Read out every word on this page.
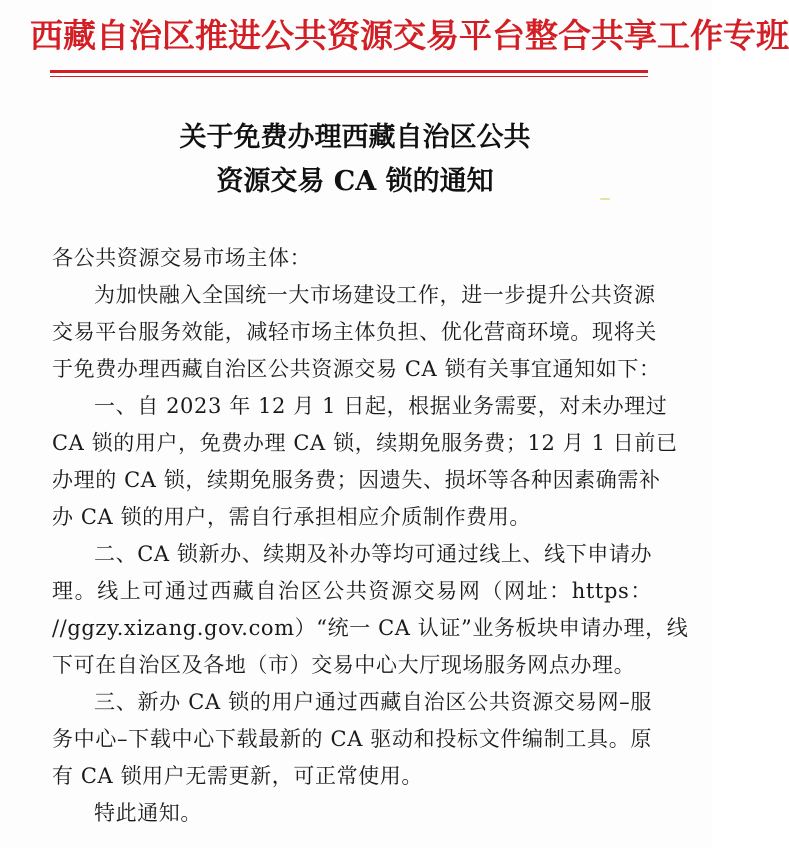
西藏自治区推进公共资源交易平台整合共享工作专班
关于免费办理西藏自治区公共
资源交易 CA 锁的通知
各公共资源交易市场主体：
为加快融入全国统一大市场建设工作，进一步提升公共资源
交易平台服务效能，减轻市场主体负担、优化营商环境。现将关
于免费办理西藏自治区公共资源交易 CA 锁有关事宜通知如下：
一、自 2023 年 12 月 1 日起，根据业务需要，对未办理过
CA 锁的用户，免费办理 CA 锁，续期免服务费；12 月 1 日前已
办理的 CA 锁，续期免服务费；因遗失、损坏等各种因素确需补
办 CA 锁的用户，需自行承担相应介质制作费用。
二、CA 锁新办、续期及补办等均可通过线上、线下申请办
理。线上可通过西藏自治区公共资源交易网（网址：https：
//ggzy.xizang.gov.com）“统一 CA 认证”业务板块申请办理，线
下可在自治区及各地（市）交易中心大厅现场服务网点办理。
三、新办 CA 锁的用户通过西藏自治区公共资源交易网–服
务中心–下载中心下载最新的 CA 驱动和投标文件编制工具。原
有 CA 锁用户无需更新，可正常使用。
特此通知。
